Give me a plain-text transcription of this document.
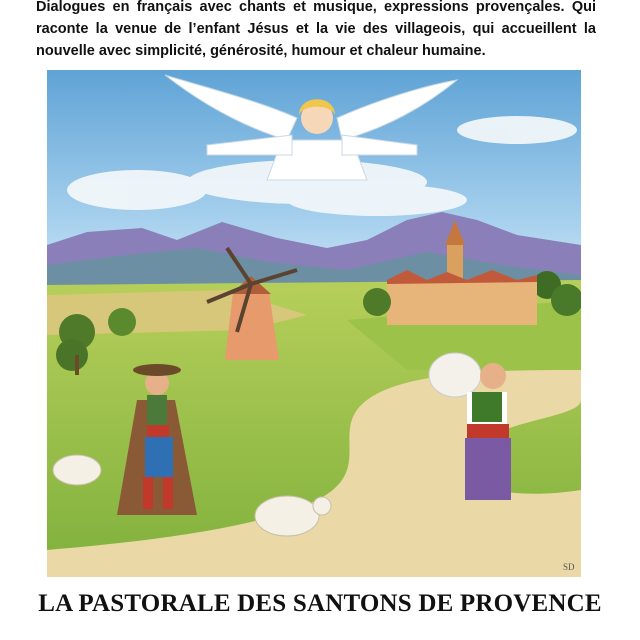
Dialogues en français avec chants et musique, expressions provençales. Qui
raconte la venue de l’enfant Jésus et la vie des villageois, qui accueillent la
nouvelle avec simplicité, générosité, humour et chaleur humaine.
SD
LA PASTORALE DES SANTONS DE PROVENCE
